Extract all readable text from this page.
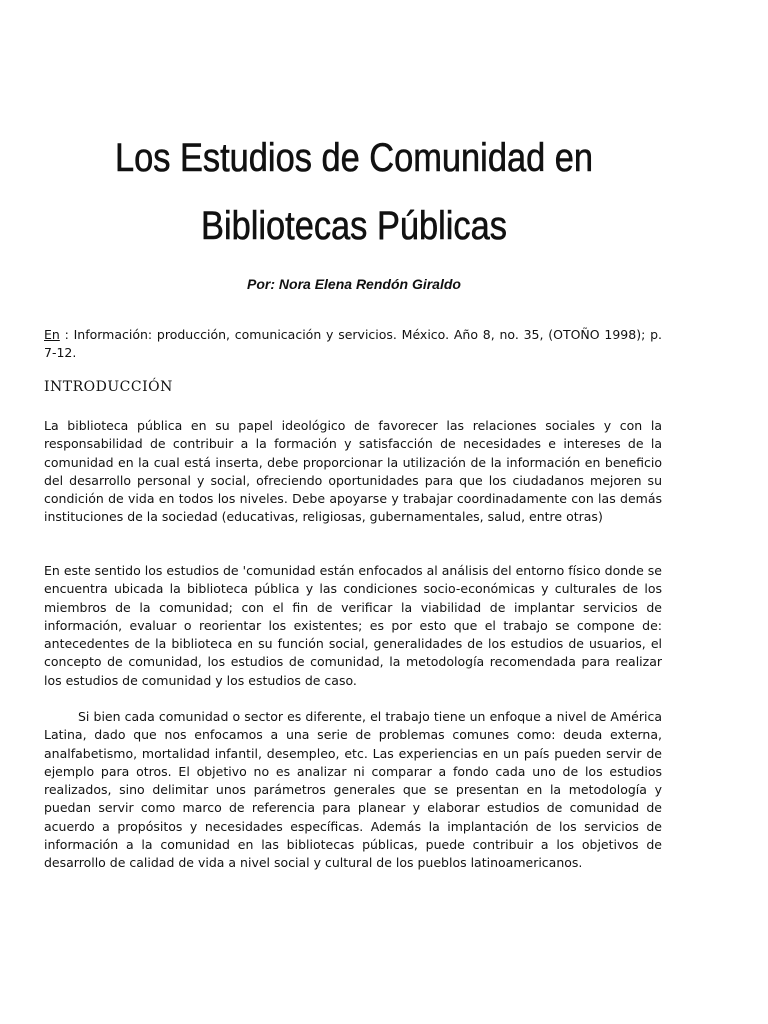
Los Estudios de Comunidad en
Bibliotecas Públicas
Por: Nora Elena Rendón Giraldo

En : Información: producción, comunicación y servicios. México. Año 8, no. 35, (OTOÑO 1998); p. 7-12.

INTRODUCCIÓN

La biblioteca pública en su papel ideológico de favorecer las relaciones sociales y con la responsabilidad de contribuir a la formación y satisfacción de necesidades e intereses de la comunidad en la cual está inserta, debe proporcionar la utilización de la información en beneficio del desarrollo personal y social, ofreciendo oportunidades para que los ciudadanos mejoren su condición de vida en todos los niveles. Debe apoyarse y trabajar coordinadamente con las demás instituciones de la sociedad (educativas, religiosas, gubernamentales, salud, entre otras)

En este sentido los estudios de 'comunidad están enfocados al análisis del entorno físico donde se encuentra ubicada la biblioteca pública y las condiciones socio-económicas y culturales de los miembros de la comunidad; con el fin de verificar la viabilidad de implantar servicios de información, evaluar o reorientar los existentes; es por esto que el trabajo se compone de: antecedentes de la biblioteca en su función social, generalidades de los estudios de usuarios, el concepto de comunidad, los estudios de comunidad, la metodología recomendada para realizar los estudios de comunidad y los estudios de caso.

Si bien cada comunidad o sector es diferente, el trabajo tiene un enfoque a nivel de América Latina, dado que nos enfocamos a una serie de problemas comunes como: deuda externa, analfabetismo, mortalidad infantil, desempleo, etc. Las experiencias en un país pueden servir de ejemplo para otros. El objetivo no es analizar ni comparar a fondo cada uno de los estudios realizados, sino delimitar unos parámetros generales que se presentan en la metodología y puedan servir como marco de referencia para planear y elaborar estudios de comunidad de acuerdo a propósitos y necesidades específicas. Además la implantación de los servicios de información a la comunidad en las bibliotecas públicas, puede contribuir a los objetivos de desarrollo de calidad de vida a nivel social y cultural de los pueblos latinoamericanos.
